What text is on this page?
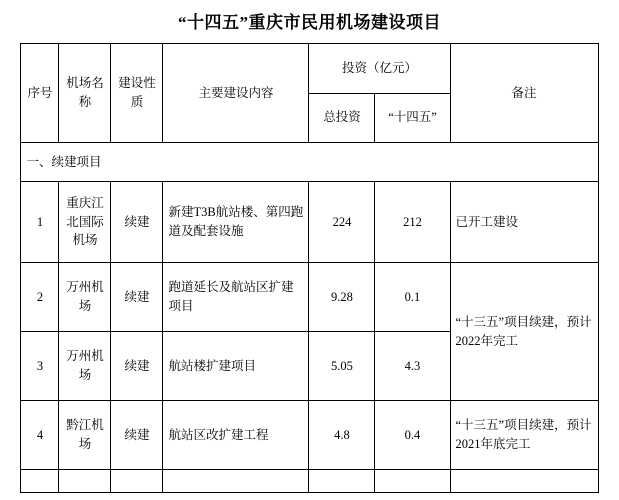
“十四五”重庆市民用机场建设项目
序号	机场名称	建设性质	主要建设内容	投资（亿元）		备注
				总投资	“十四五”	
一、续建项目						
1	重庆江北国际机场	续建	新建T3B航站楼、第四跑道及配套设施	224	212	已开工建设
2	万州机场	续建	跑道延长及航站区扩建项目	9.28	0.1	“十三五”项目续建，预计2022年完工
3	万州机场	续建	航站楼扩建项目	5.05	4.3	
4	黔江机场	续建	航站区改扩建工程	4.8	0.4	“十三五”项目续建，预计2021年底完工
